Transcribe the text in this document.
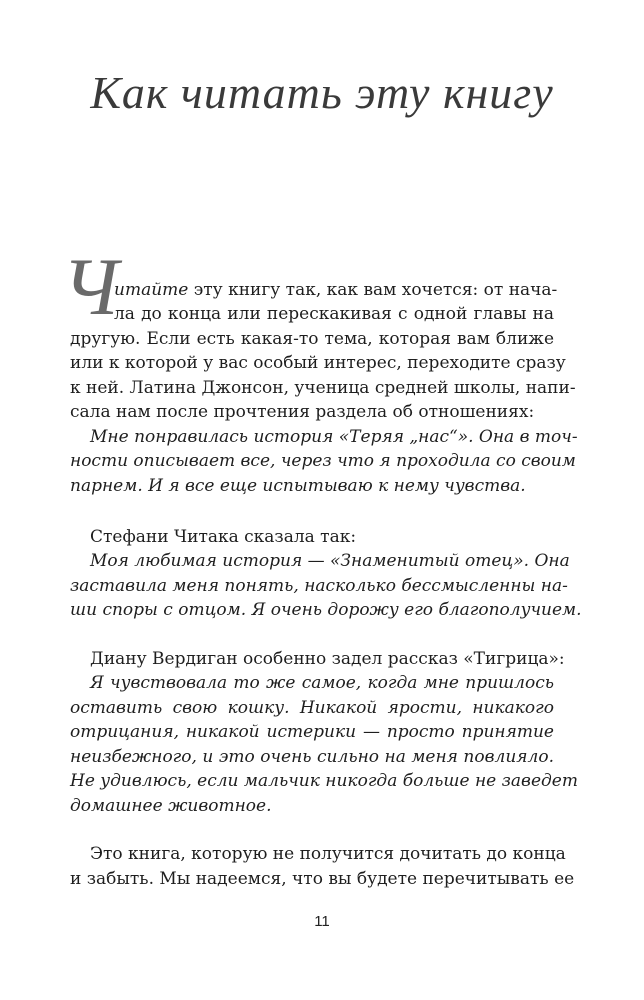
Как читать эту книгу
Ч
итайте эту книгу так, как вам хочется: от нача-
ла до конца или перескакивая с одной главы на
другую. Если есть какая-то тема, которая вам ближе
или к которой у вас особый интерес, переходите сразу
к ней. Латина Джонсон, ученица средней школы, напи-
сала нам после прочтения раздела об отношениях:
Мне понравилась история «Теряя „нас“». Она в точ-
ности описывает все, через что я проходила со своим
парнем. И я все еще испытываю к нему чувства.
Стефани Читака сказала так:
Моя любимая история — «Знаменитый отец». Она
заставила меня понять, насколько бессмысленны на-
ши споры с отцом. Я очень дорожу его благополучием.
Диану Вердиган особенно задел рассказ «Тигрица»:
Я чувствовала то же самое, когда мне пришлось
оставить свою кошку. Никакой ярости, никакого
отрицания, никакой истерики — просто принятие
неизбежного, и это очень сильно на меня повлияло.
Не удивлюсь, если мальчик никогда больше не заведет
домашнее животное.
Это книга, которую не получится дочитать до конца
и забыть. Мы надеемся, что вы будете перечитывать ее
11
